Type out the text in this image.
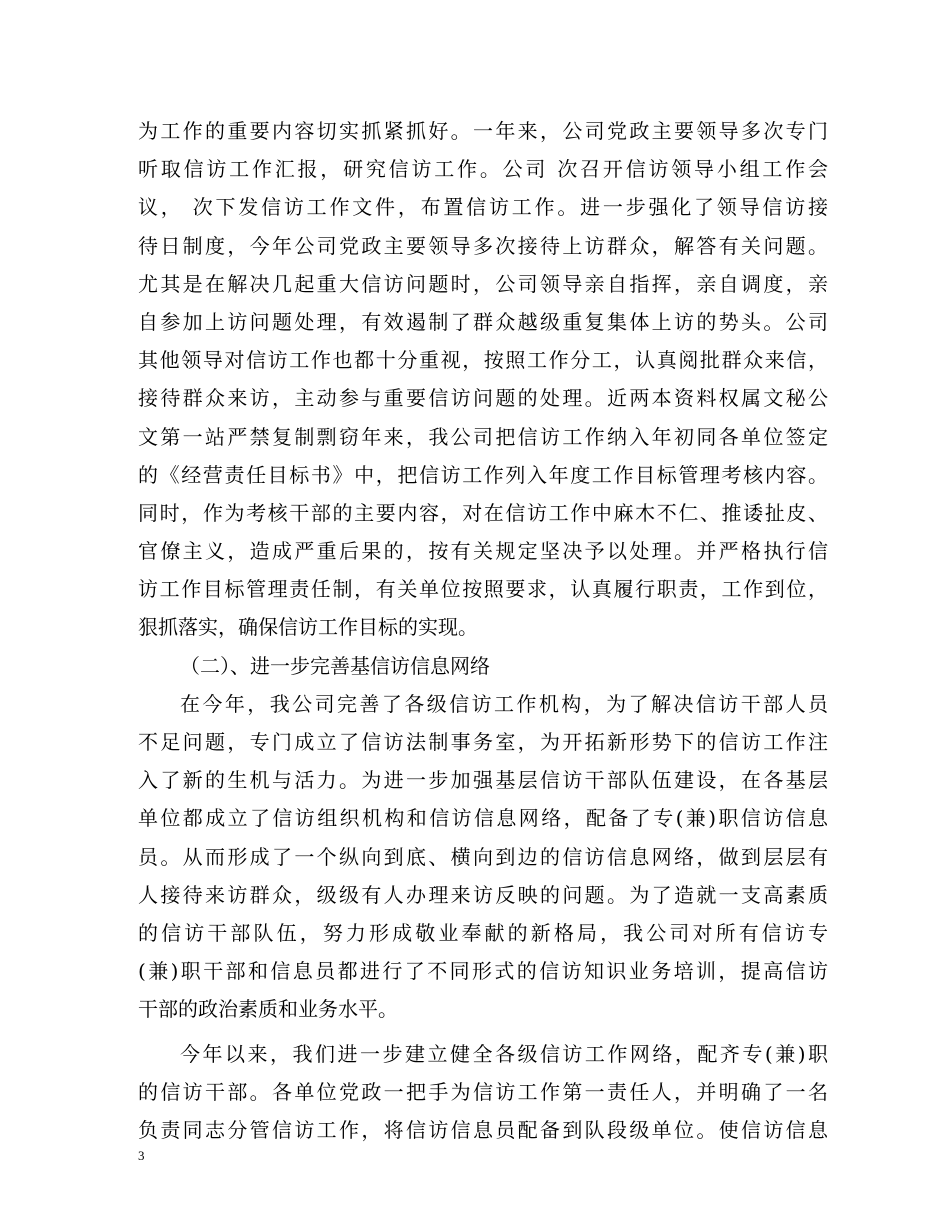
为工作的重要内容切实抓紧抓好。一年来，公司党政主要领导多次专门
听取信访工作汇报，研究信访工作。公司 次召开信访领导小组工作会
议， 次下发信访工作文件，布置信访工作。进一步强化了领导信访接
待日制度，今年公司党政主要领导多次接待上访群众，解答有关问题。
尤其是在解决几起重大信访问题时，公司领导亲自指挥，亲自调度，亲
自参加上访问题处理，有效遏制了群众越级重复集体上访的势头。公司
其他领导对信访工作也都十分重视，按照工作分工，认真阅批群众来信，
接待群众来访，主动参与重要信访问题的处理。近两本资料权属文秘公
文第一站严禁复制剽窃年来，我公司把信访工作纳入年初同各单位签定
的《经营责任目标书》中，把信访工作列入年度工作目标管理考核内容。
同时，作为考核干部的主要内容，对在信访工作中麻木不仁、推诿扯皮、
官僚主义，造成严重后果的，按有关规定坚决予以处理。并严格执行信
访工作目标管理责任制，有关单位按照要求，认真履行职责，工作到位，
狠抓落实，确保信访工作目标的实现。
（二）、进一步完善基信访信息网络
在今年，我公司完善了各级信访工作机构，为了解决信访干部人员
不足问题，专门成立了信访法制事务室，为开拓新形势下的信访工作注
入了新的生机与活力。为进一步加强基层信访干部队伍建设，在各基层
单位都成立了信访组织机构和信访信息网络，配备了专(兼)职信访信息
员。从而形成了一个纵向到底、横向到边的信访信息网络，做到层层有
人接待来访群众，级级有人办理来访反映的问题。为了造就一支高素质
的信访干部队伍，努力形成敬业奉献的新格局，我公司对所有信访专
(兼)职干部和信息员都进行了不同形式的信访知识业务培训，提高信访
干部的政治素质和业务水平。
今年以来，我们进一步建立健全各级信访工作网络，配齐专(兼)职
的信访干部。各单位党政一把手为信访工作第一责任人，并明确了一名
负责同志分管信访工作，将信访信息员配备到队段级单位。使信访信息
3
